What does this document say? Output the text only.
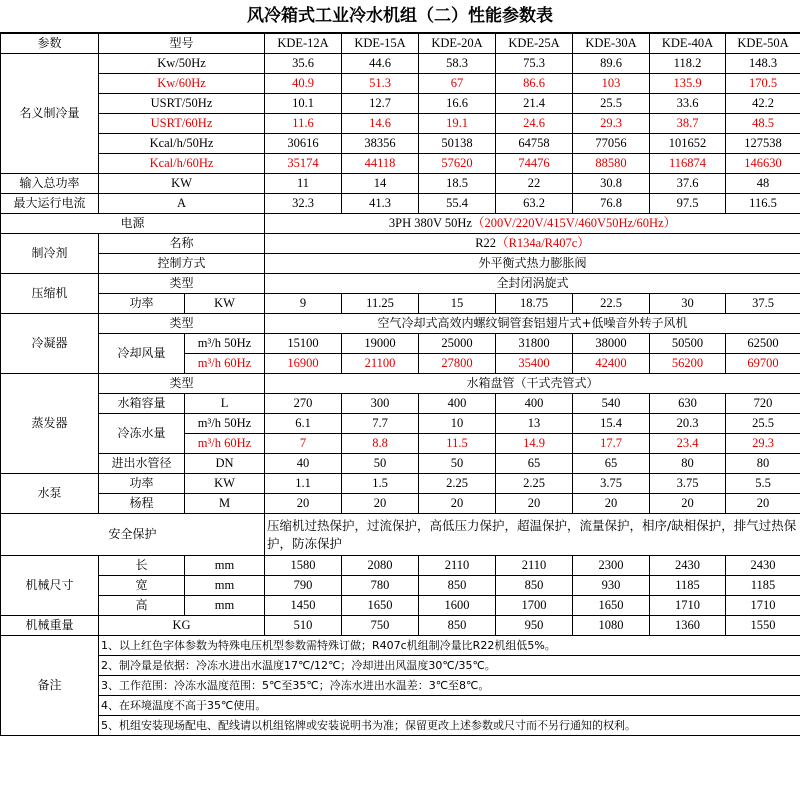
风冷箱式工业冷水机组（二）性能参数表
参数	型号		KDE-12A	KDE-15A	KDE-20A	KDE-25A	KDE-30A	KDE-40A	KDE-50A
名义制冷量	Kw/50Hz		35.6	44.6	58.3	75.3	89.6	118.2	148.3
	Kw/60Hz		40.9	51.3	67	86.6	103	135.9	170.5
	USRT/50Hz		10.1	12.7	16.6	21.4	25.5	33.6	42.2
	USRT/60Hz		11.6	14.6	19.1	24.6	29.3	38.7	48.5
	Kcal/h/50Hz		30616	38356	50138	64758	77056	101652	127538
	Kcal/h/60Hz		35174	44118	57620	74476	88580	116874	146630
输入总功率	KW		11	14	18.5	22	30.8	37.6	48
最大运行电流	A		32.3	41.3	55.4	63.2	76.8	97.5	116.5
电源			3PH 380V 50Hz（200V/220V/415V/460V50Hz/60Hz）						
制冷剂	名称		R22（R134a/R407c）						
	控制方式		外平衡式热力膨胀阀						
压缩机	类型		全封闭涡旋式						
	功率	KW	9	11.25	15	18.75	22.5	30	37.5
冷凝器	类型		空气冷却式高效内螺纹铜管套铝翅片式+低噪音外转子风机						
	冷却风量	m³/h 50Hz	15100	19000	25000	31800	38000	50500	62500
		m³/h 60Hz	16900	21100	27800	35400	42400	56200	69700
蒸发器	类型		水箱盘管（干式壳管式）						
	水箱容量	L	270	300	400	400	540	630	720
	冷冻水量	m³/h 50Hz	6.1	7.7	10	13	15.4	20.3	25.5
		m³/h 60Hz	7	8.8	11.5	14.9	17.7	23.4	29.3
	进出水管径	DN	40	50	50	65	65	80	80
水泵	功率	KW	1.1	1.5	2.25	2.25	3.75	3.75	5.5
	杨程	M	20	20	20	20	20	20	20
安全保护			压缩机过热保护，过流保护，高低压力保护，超温保护，流量保护，相序/缺相保护，排气过热保护，防冻保护						
机械尺寸	长	mm	1580	2080	2110	2110	2300	2430	2430
	宽	mm	790	780	850	850	930	1185	1185
	高	mm	1450	1650	1600	1700	1650	1710	1710
机械重量	KG		510	750	850	950	1080	1360	1550
备注	1、以上红色字体参数为特殊电压机型参数需特殊订做；R407c机组制冷量比R22机组低5%。								
	2、制冷量是依据：冷冻水进出水温度17℃/12℃；冷却进出风温度30℃/35℃。								
	3、工作范围：冷冻水温度范围：5℃至35℃；冷冻水进出水温差：3℃至8℃。								
	4、在环境温度不高于35℃使用。								
	5、机组安装现场配电、配线请以机组铭牌或安装说明书为准；保留更改上述参数或尺寸而不另行通知的权利。								
